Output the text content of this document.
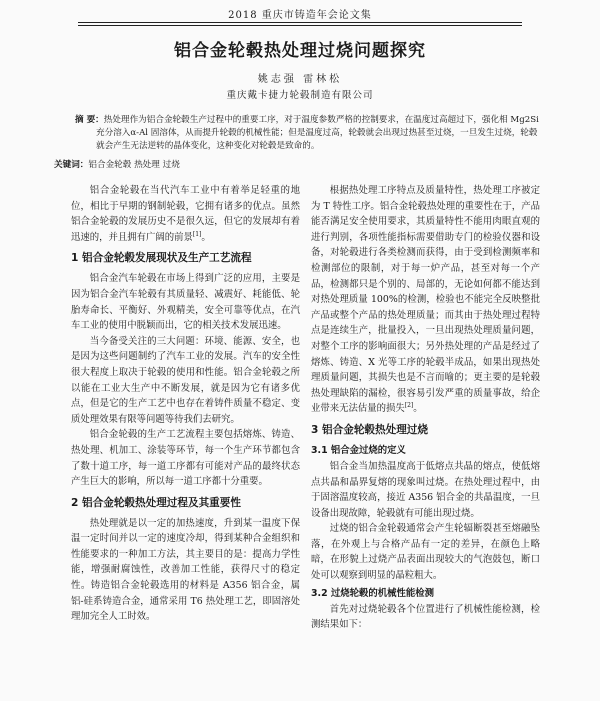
2018 重庆市铸造年会论文集
铝合金轮毂热处理过烧问题探究
姚志强 雷林松
重庆戴卡捷力轮毂制造有限公司
摘 要：热处理作为铝合金轮毂生产过程中的重要工序，对于温度参数严格的控制要求，在温度过高超过下，强化相 Mg2Si 充分溶入α-Al 固溶体，从而提升轮毂的机械性能；但是温度过高，轮毂就会出现过热甚至过烧，一旦发生过烧，轮毂就会产生无法逆转的晶体变化，这种变化对轮毂是致命的。
关键词：铝合金轮毂 热处理 过烧

铝合金轮毂在当代汽车工业中有着举足轻重的地位，相比于早期的钢制轮毂，它拥有诸多的优点。虽然铝合金轮毂的发展历史不是很久远，但它的发展却有着迅速的，并且拥有广阔的前景[1]。

1 铝合金轮毂发展现状及生产工艺流程

铝合金汽车轮毂在市场上得到广泛的应用，主要是因为铝合金汽车轮毂有其质量轻、减震好、耗能低、轮胎寿命长、平衡好、外观精美，安全可靠等优点，在汽车工业的使用中脱颖而出，它的相关技术发展迅速。

当今备受关注的三大问题：环境、能源、安全，也是因为这些问题制约了汽车工业的发展。汽车的安全性很大程度上取决于轮毂的使用和性能。铝合金轮毂之所以能在工业大生产中不断发展，就是因为它有诸多优点，但是它的生产工艺中也存在着铸件质量不稳定、变质处理效果有限等问题等待我们去研究。

铝合金轮毂的生产工艺流程主要包括熔炼、铸造、热处理、机加工、涂装等环节，每一个生产环节都包含了数十道工序，每一道工序都有可能对产品的最终状态产生巨大的影响，所以每一道工序都十分重要。

2 铝合金轮毂热处理过程及其重要性

热处理就是以一定的加热速度，升到某一温度下保温一定时间并以一定的速度冷却，得到某种合金组织和性能要求的一种加工方法，其主要目的是：提高力学性能，增强耐腐蚀性，改善加工性能，获得尺寸的稳定性。铸造铝合金轮毂选用的材料是 A356 铝合金，属铝-硅系铸造合金，通常采用 T6 热处理工艺，即固溶处理加完全人工时效。

根据热处理工序特点及质量特性，热处理工序被定为 T 特性工序。铝合金轮毂热处理的重要性在于，产品能否满足安全使用要求，其质量特性不能用肉眼直观的进行判别，各项性能指标需要借助专门的检验仪器和设备，对轮毂进行各类检测而获得，由于受到检测频率和检测部位的限制，对于每一炉产品，甚至对每一个产品，检测都只是个别的、局部的，无论如何都不能达到对热处理质量 100%的检测，检验也不能完全反映整批产品或整个产品的热处理质量；而其由于热处理过程特点是连续生产，批量投入，一旦出现热处理质量问题，对整个工序的影响面很大；另外热处理的产品是经过了熔炼、铸造、X 光等工序的轮毂半成品，如果出现热处理质量问题，其损失也是不言而喻的；更主要的是轮毂热处理缺陷的漏检，很容易引发严重的质量事故，给企业带来无法估量的损失[2]。

3 铝合金轮毂热处理过烧
3.1 铝合金过烧的定义

铝合金当加热温度高于低熔点共晶的熔点，使低熔点共晶和晶界复熔的现象叫过烧。在热处理过程中，由于固溶温度较高，接近 A356 铝合金的共晶温度，一旦设备出现故障，轮毂就有可能出现过烧。

过烧的铝合金轮毂通常会产生轮辐断裂甚至熔融坠落，在外观上与合格产品有一定的差异，在颜色上略暗，在形貌上过烧产品表面出现较大的气泡鼓包，断口处可以观察到明显的晶粒粗大。

3.2 过烧轮毂的机械性能检测

首先对过烧轮毂各个位置进行了机械性能检测，检测结果如下：
